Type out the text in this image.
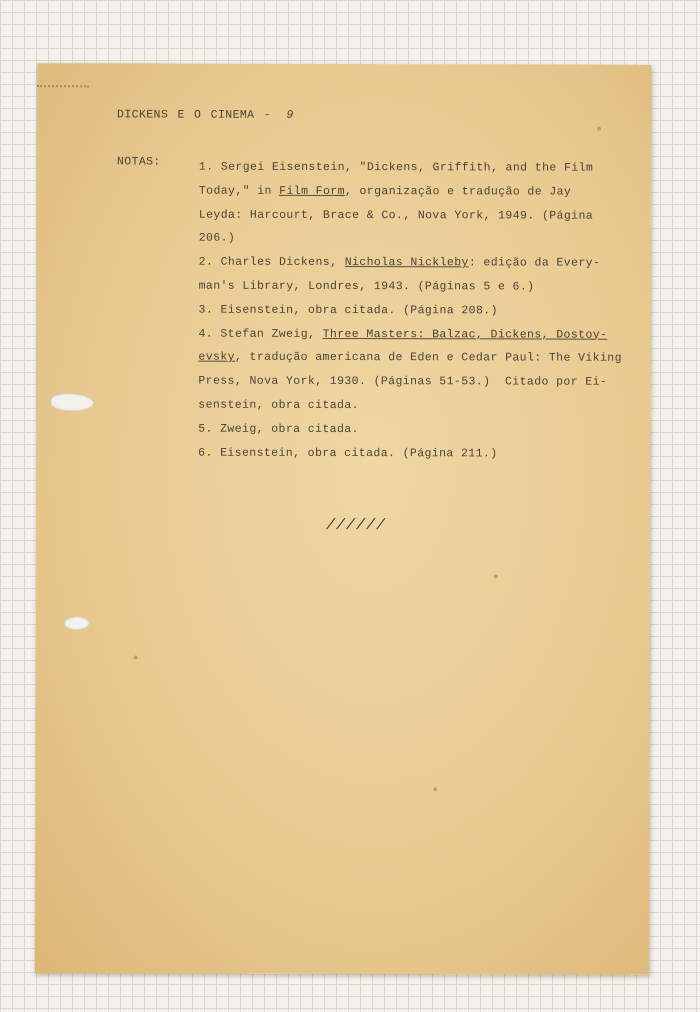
DICKENS E O CINEMA - 9
NOTAS:	1. Sergei Eisenstein, "Dickens, Griffith, and the Film
Today," in Film Form, organização e tradução de Jay
Leyda: Harcourt, Brace & Co., Nova York, 1949. (Página
206.)
2. Charles Dickens, Nicholas Nickleby: edição da Every-
man's Library, Londres, 1943. (Páginas 5 e 6.)
3. Eisenstein, obra citada. (Página 208.)
4. Stefan Zweig, Three Masters: Balzac, Dickens, Dostoy-
evsky, tradução americana de Eden e Cedar Paul: The Viking
Press, Nova York, 1930. (Páginas 51-53.)  Citado por Ei-
senstein, obra citada.
5. Zweig, obra citada.
6. Eisenstein, obra citada. (Página 211.)
//////
